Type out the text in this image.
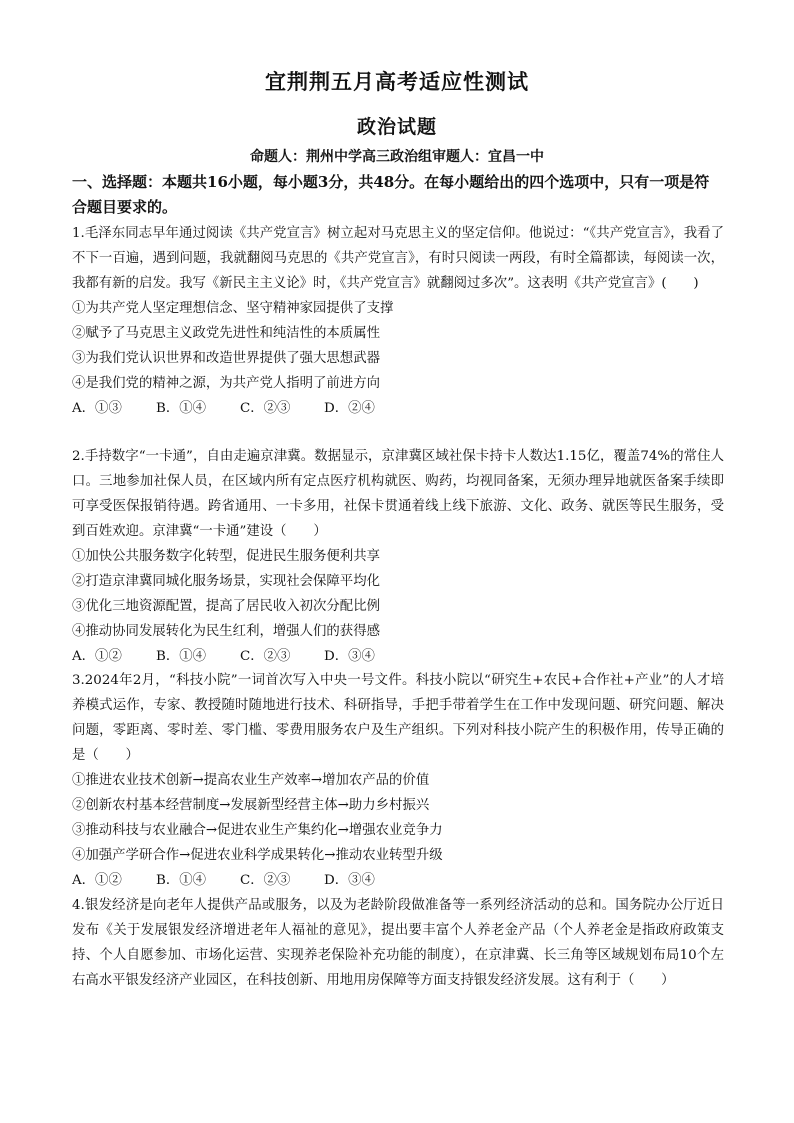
宜荆荆五月高考适应性测试
政治试题
命题人：荆州中学高三政治组审题人：宜昌一中
一、选择题：本题共16小题，每小题3分，共48分。在每小题给出的四个选项中，只有一项是符合题目要求的。

1.毛泽东同志早年通过阅读《共产党宣言》树立起对马克思主义的坚定信仰。他说过：“《共产党宣言》，我看了不下一百遍，遇到问题，我就翻阅马克思的《共产党宣言》，有时只阅读一两段，有时全篇都读，每阅读一次，我都有新的启发。我写《新民主主义论》时，《共产党宣言》就翻阅过多次”。这表明《共产党宣言》(　　)

①为共产党人坚定理想信念、坚守精神家园提供了支撑
②赋予了马克思主义政党先进性和纯洁性的本质属性
③为我们党认识世界和改造世界提供了强大思想武器
④是我们党的精神之源，为共产党人指明了前进方向
A．①③	B．①④	C．②③	D．②④

2.手持数字“一卡通”，自由走遍京津冀。数据显示，京津冀区域社保卡持卡人数达1.15亿，覆盖74%的常住人口。三地参加社保人员，在区域内所有定点医疗机构就医、购药，均视同备案，无须办理异地就医备案手续即可享受医保报销待遇。跨省通用、一卡多用，社保卡贯通着线上线下旅游、文化、政务、就医等民生服务，受到百姓欢迎。京津冀“一卡通”建设（　　）

①加快公共服务数字化转型，促进民生服务便利共享
②打造京津冀同城化服务场景，实现社会保障平均化
③优化三地资源配置，提高了居民收入初次分配比例
④推动协同发展转化为民生红利，增强人们的获得感
A．①②	B．①④	C．②③	D．③④

3.2024年2月，“科技小院”一词首次写入中央一号文件。科技小院以“研究生+农民+合作社+产业”的人才培养模式运作，专家、教授随时随地进行技术、科研指导，手把手带着学生在工作中发现问题、研究问题、解决问题，零距离、零时差、零门槛、零费用服务农户及生产组织。下列对科技小院产生的积极作用，传导正确的是（　　）

①推进农业技术创新→提高农业生产效率→增加农产品的价值
②创新农村基本经营制度→发展新型经营主体→助力乡村振兴
③推动科技与农业融合→促进农业生产集约化→增强农业竞争力
④加强产学研合作→促进农业科学成果转化→推动农业转型升级
A．①②	B．①④	C．②③	D．③④

4.银发经济是向老年人提供产品或服务，以及为老龄阶段做准备等一系列经济活动的总和。国务院办公厅近日发布《关于发展银发经济增进老年人福祉的意见》，提出要丰富个人养老金产品（个人养老金是指政府政策支持、个人自愿参加、市场化运营、实现养老保险补充功能的制度），在京津冀、长三角等区域规划布局10个左右高水平银发经济产业园区，在科技创新、用地用房保障等方面支持银发经济发展。这有利于（　　）
